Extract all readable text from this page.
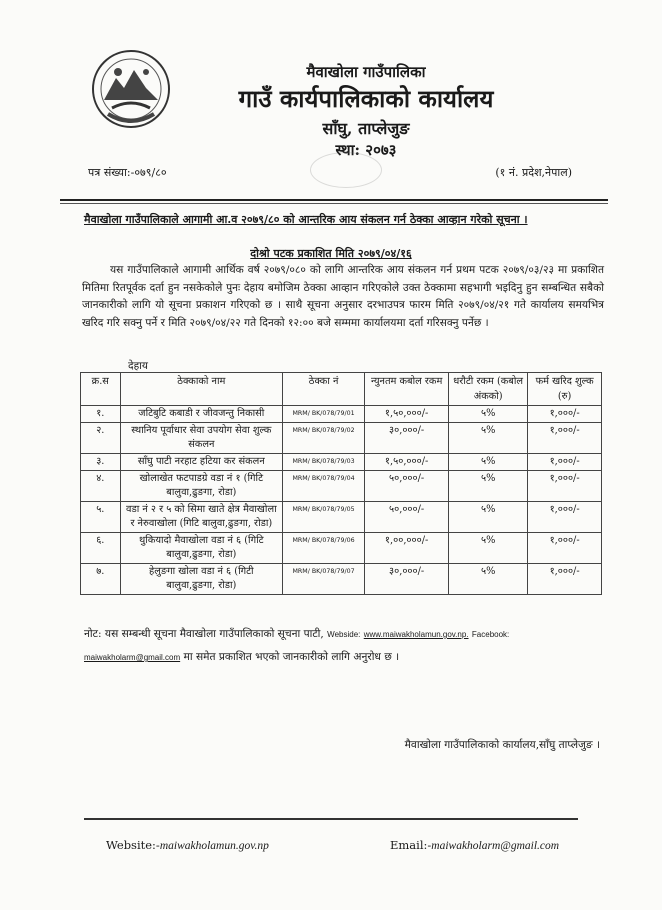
मैवाखोला गाउँपालिका
गाउँ कार्यपालिकाको कार्यालय
साँघु, ताप्लेजुङ
स्था: २०७३
पत्र संख्या:-०७९/८०	(१ नं. प्रदेश,नेपाल)
मैवाखोला गाउँपालिकाले आगामी आ.व २०७९/८० को आन्तरिक आय संकलन गर्न ठेक्का आव्हान गरेको सूचना ।
दोश्रो पटक प्रकाशित मिति २०७९/०४/१६

यस गाउँपालिकाले आगामी आर्थिक वर्ष २०७९/०८० को लागि आन्तरिक आय संकलन गर्न प्रथम पटक २०७९/०३/२३ मा प्रकाशित मितिमा रितपूर्वक दर्ता हुन नसकेकोले पुनः देहाय बमोजिम ठेक्का आव्हान गरिएकोले उक्त ठेक्कामा सहभागी भइदिनु हुन सम्बन्धित सबैको जानकारीको लागि यो सूचना प्रकाशन गरिएको छ । साथै सूचना अनुसार दरभाउपत्र फारम मिति २०७९/०४/२१ गते कार्यालय समयभित्र खरिद गरि सक्नु पर्ने र मिति २०७९/०४/२२ गते दिनको १२:०० बजे सम्ममा कार्यालयमा दर्ता गरिसक्नु पर्नेछ ।

देहाय
क्र.स	ठेक्काको नाम	ठेक्का नं	न्युनतम कबोल रकम	धरौटी रकम (कबोल अंकको)	फर्म खरिद शुल्क (रु)
१.	जटिबुटि कबाडी र जीवजन्तु निकासी	MRM/ BK/078/79/01	१,५०,०००/-	५%	१,०००/-
२.	स्थानिय पूर्वाधार सेवा उपयोग सेवा शुल्क संकलन	MRM/ BK/078/79/02	३०,०००/-	५%	१,०००/-
३.	साँघु पाटी नरहाट हटिया कर संकलन	MRM/ BK/078/79/03	१,५०,०००/-	५%	१,०००/-
४.	खोलाखेत फटपाडग्रे वडा नं १ (गिटि बालुवा,ढुङगा, रोडा)	MRM/ BK/078/79/04	५०,०००/-	५%	१,०००/-
५.	वडा नं २ र ५ को सिमा खाते क्षेत्र मैवाखोला र नेरुवाखोला (गिटि बालुवा,ढुङगा, रोडा)	MRM/ BK/078/79/05	५०,०००/-	५%	१,०००/-
६.	थुकियादो मैवाखोला वडा नं ६ (गिटि बालुवा,ढुङगा, रोडा)	MRM/ BK/078/79/06	१,००,०००/-	५%	१,०००/-
७.	हेलुङगा खोला वडा नं ६ (गिटी बालुवा,ढुङगा, रोडा)	MRM/ BK/078/79/07	३०,०००/-	५%	१,०००/-
नोट: यस सम्बन्धी सूचना मैवाखोला गाउँपालिकाको सूचना पाटी, Webside: www.maiwakholamun.gov.np. Facebook:
maiwakholarm@gmail.com मा समेत प्रकाशित भएको जानकारीको लागि अनुरोध छ ।
मैवाखोला गाउँपालिकाको कार्यालय,साँघु ताप्लेजुङ ।
Website:-maiwakholamun.gov.np	Email:-maiwakholarm@gmail.com
